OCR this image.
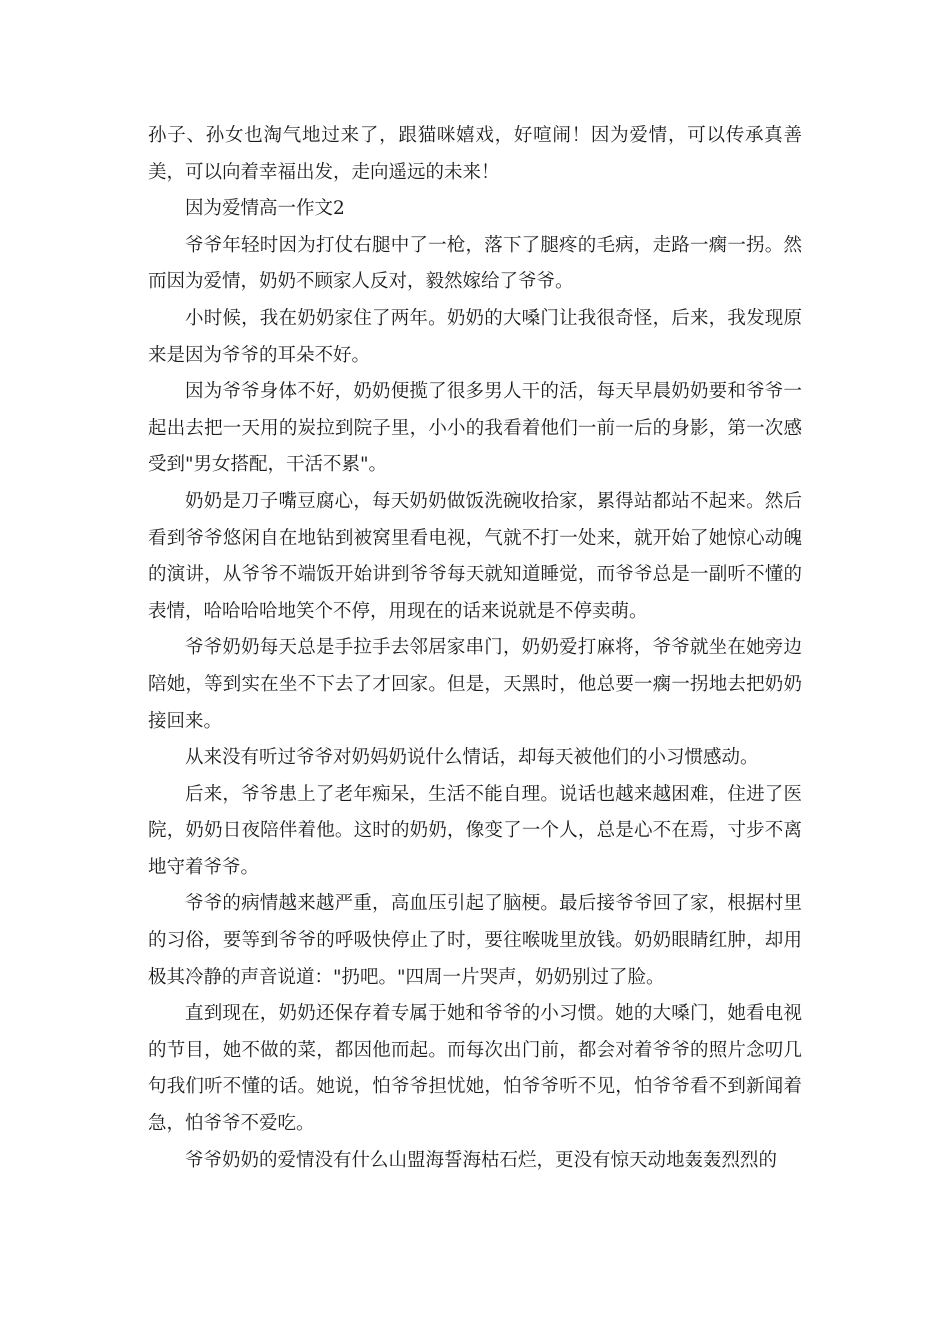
孙子、孙女也淘气地过来了，跟猫咪嬉戏，好喧闹！因为爱情，可以传承真善美，可以向着幸福出发，走向遥远的未来！

因为爱情高一作文2

爷爷年轻时因为打仗右腿中了一枪，落下了腿疼的毛病，走路一瘸一拐。然而因为爱情，奶奶不顾家人反对，毅然嫁给了爷爷。

小时候，我在奶奶家住了两年。奶奶的大嗓门让我很奇怪，后来，我发现原来是因为爷爷的耳朵不好。

因为爷爷身体不好，奶奶便揽了很多男人干的活，每天早晨奶奶要和爷爷一起出去把一天用的炭拉到院子里，小小的我看着他们一前一后的身影，第一次感受到"男女搭配，干活不累"。

奶奶是刀子嘴豆腐心，每天奶奶做饭洗碗收拾家，累得站都站不起来。然后看到爷爷悠闲自在地钻到被窝里看电视，气就不打一处来，就开始了她惊心动魄的演讲，从爷爷不端饭开始讲到爷爷每天就知道睡觉，而爷爷总是一副听不懂的表情，哈哈哈哈地笑个不停，用现在的话来说就是不停卖萌。

爷爷奶奶每天总是手拉手去邻居家串门，奶奶爱打麻将，爷爷就坐在她旁边陪她，等到实在坐不下去了才回家。但是，天黑时，他总要一瘸一拐地去把奶奶接回来。

从来没有听过爷爷对奶妈奶说什么情话，却每天被他们的小习惯感动。

后来，爷爷患上了老年痴呆，生活不能自理。说话也越来越困难，住进了医院，奶奶日夜陪伴着他。这时的奶奶，像变了一个人，总是心不在焉，寸步不离地守着爷爷。

爷爷的病情越来越严重，高血压引起了脑梗。最后接爷爷回了家，根据村里的习俗，要等到爷爷的呼吸快停止了时，要往喉咙里放钱。奶奶眼睛红肿，却用极其冷静的声音说道："扔吧。"四周一片哭声，奶奶别过了脸。

直到现在，奶奶还保存着专属于她和爷爷的小习惯。她的大嗓门，她看电视的节目，她不做的菜，都因他而起。而每次出门前，都会对着爷爷的照片念叨几句我们听不懂的话。她说，怕爷爷担忧她，怕爷爷听不见，怕爷爷看不到新闻着急，怕爷爷不爱吃。

爷爷奶奶的爱情没有什么山盟海誓海枯石烂，更没有惊天动地轰轰烈烈的
